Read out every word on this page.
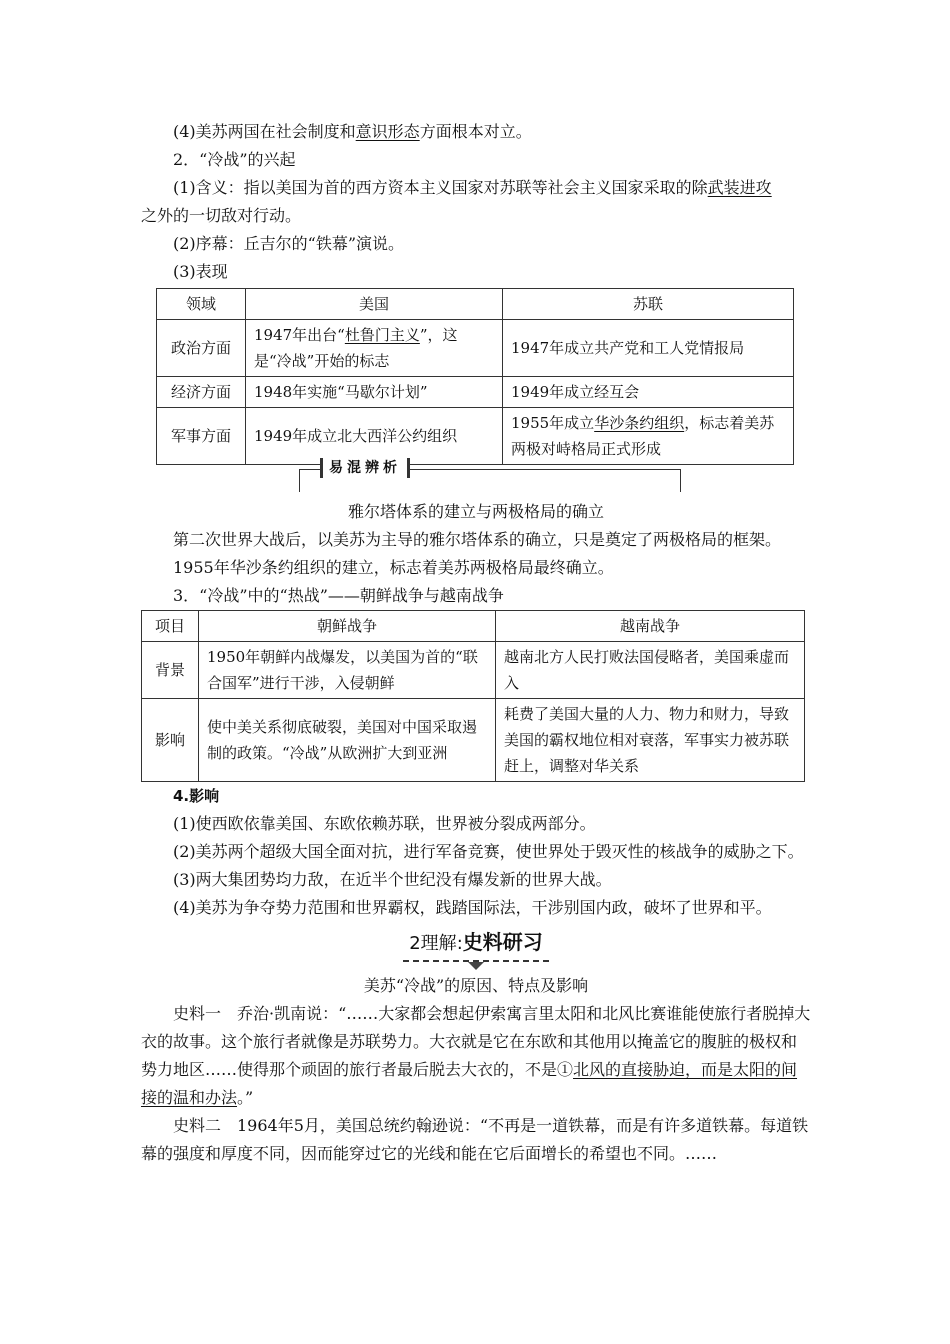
(4)美苏两国在社会制度和意识形态方面根本对立。

2．“冷战”的兴起

(1)含义：指以美国为首的西方资本主义国家对苏联等社会主义国家采取的除武装进攻
之外的一切敌对行动。

(2)序幕：丘吉尔的“铁幕”演说。

(3)表现

领域	美国	苏联
政治方面	1947年出台“杜鲁门主义”，这是“冷战”开始的标志	1947年成立共产党和工人党情报局
经济方面	1948年实施“马歇尔计划”	1949年成立经互会
军事方面	1949年成立北大西洋公约组织	1955年成立华沙条约组织，标志着美苏两极对峙格局正式形成
易混辨析

雅尔塔体系的建立与两极格局的确立

第二次世界大战后，以美苏为主导的雅尔塔体系的确立，只是奠定了两极格局的框架。1955年华沙条约组织的建立，标志着美苏两极格局最终确立。

3．“冷战”中的“热战”——朝鲜战争与越南战争

项目	朝鲜战争	越南战争
背景	1950年朝鲜内战爆发，以美国为首的“联合国军”进行干涉，入侵朝鲜	越南北方人民打败法国侵略者，美国乘虚而入
影响	使中美关系彻底破裂，美国对中国采取遏制的政策。“冷战”从欧洲扩大到亚洲	耗费了美国大量的人力、物力和财力，导致美国的霸权地位相对衰落，军事实力被苏联赶上，调整对华关系

4.影响

(1)使西欧依靠美国、东欧依赖苏联，世界被分裂成两部分。

(2)美苏两个超级大国全面对抗，进行军备竞赛，使世界处于毁灭性的核战争的威胁之下。

(3)两大集团势均力敌，在近半个世纪没有爆发新的世界大战。

(4)美苏为争夺势力范围和世界霸权，践踏国际法，干涉别国内政，破坏了世界和平。

2理解:史料研习

美苏“冷战”的原因、特点及影响

史料一　乔治·凯南说：“……大家都会想起伊索寓言里太阳和北风比赛谁能使旅行者脱掉大衣的故事。这个旅行者就像是苏联势力。大衣就是它在东欧和其他用以掩盖它的腹脏的极权和势力地区……使得那个顽固的旅行者最后脱去大衣的，不是①北风的直接胁迫，而是太阳的间接的温和办法。”

史料二　1964年5月，美国总统约翰逊说：“不再是一道铁幕，而是有许多道铁幕。每道铁幕的强度和厚度不同，因而能穿过它的光线和能在它后面增长的希望也不同。……
